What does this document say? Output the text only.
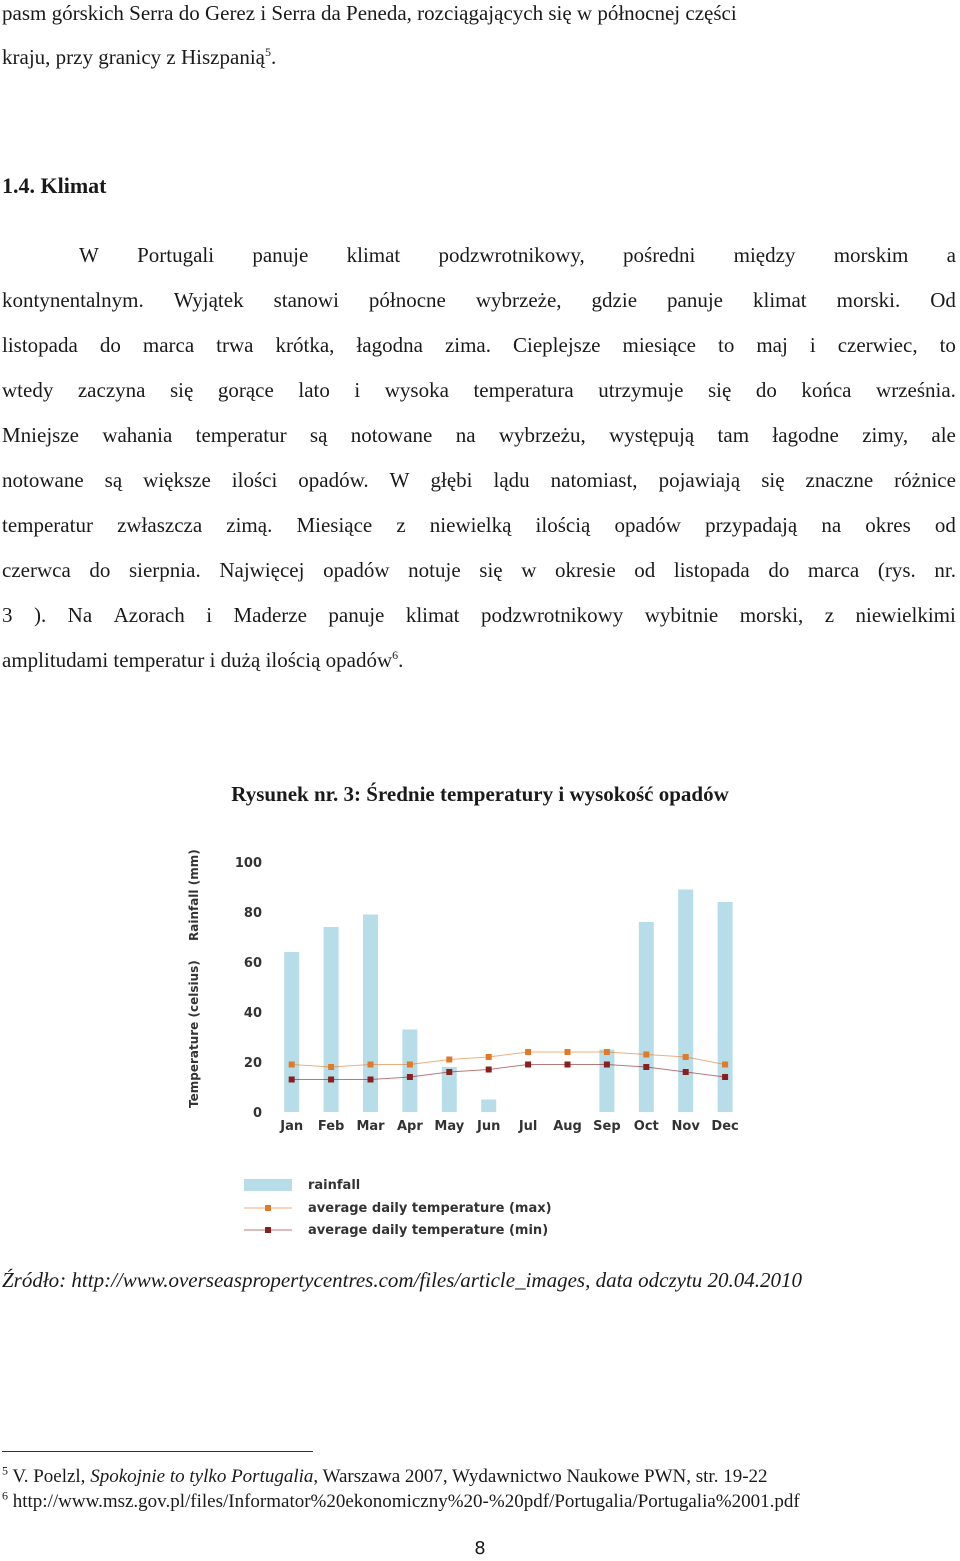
pasm górskich Serra do Gerez i Serra da Peneda, rozciągających się w północnej części
kraju, przy granicy z Hiszpanią$^5$.
1.4. Klimat
W Portugali panuje klimat podzwrotnikowy, pośredni między morskim a
kontynentalnym. Wyjątek stanowi północne wybrzeże, gdzie panuje klimat morski. Od
listopada do marca trwa krótka, łagodna zima. Cieplejsze miesiące to maj i czerwiec, to
wtedy zaczyna się gorące lato i wysoka temperatura utrzymuje się do końca września.
Mniejsze wahania temperatur są notowane na wybrzeżu, występują tam łagodne zimy, ale
notowane są większe ilości opadów. W głębi lądu natomiast, pojawiają się znaczne różnice
temperatur zwłaszcza zimą. Miesiące z niewielką ilością opadów przypadają na okres od
czerwca do sierpnia. Najwięcej opadów notuje się w okresie od listopada do marca (rys. nr.
3 ). Na Azorach i Maderze panuje klimat podzwrotnikowy wybitnie morski, z niewielkimi
amplitudami temperatur i dużą ilością opadów$^6$.
Rysunek nr. 3: Średnie temperatury i wysokość opadów
Temperature (celsius)
Rainfall (mm)
0
20
40
60
80
100
Jan Feb Mar Apr May Jun Jul Aug Sep Oct Nov Dec
rainfall
average daily temperature (max)
average daily temperature (min)
Źródło: http://www.overseaspropertycentres.com/files/article_images, data odczytu 20.04.2010
$^5$ V. Poelzl, Spokojnie to tylko Portugalia, Warszawa 2007, Wydawnictwo Naukowe PWN, str. 19-22
$^6$ http://www.msz.gov.pl/files/Informator%20ekonomiczny%20-%20pdf/Portugalia/Portugalia%2001.pdf
8
